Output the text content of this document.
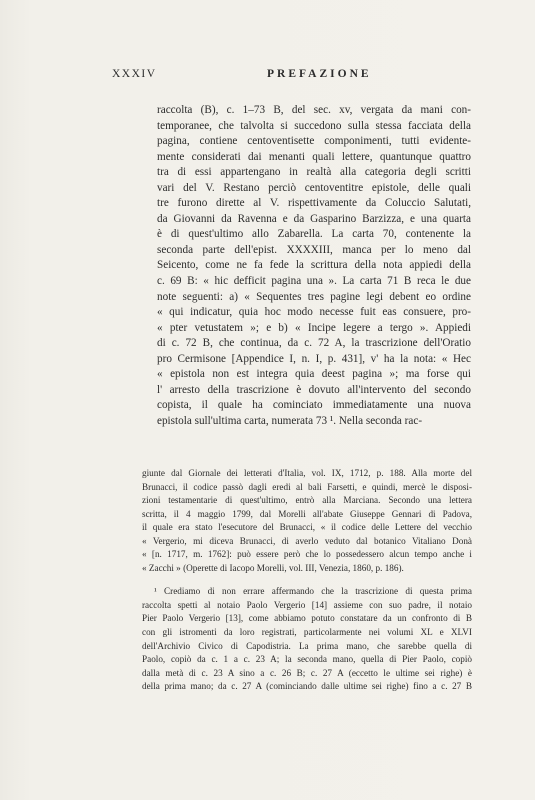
XXXIV	PREFAZIONE
raccolta (B), c. 1–73 B, del sec. xv, vergata da mani con-
temporanee, che talvolta si succedono sulla stessa facciata della
pagina, contiene centoventisette componimenti, tutti evidente-
mente considerati dai menanti quali lettere, quantunque quattro
tra di essi appartengano in realtà alla categoria degli scritti
vari del V. Restano perciò centoventitre epistole, delle quali
tre furono dirette al V. rispettivamente da Coluccio Salutati,
da Giovanni da Ravenna e da Gasparino Barzizza, e una quarta
è di quest'ultimo allo Zabarella. La carta 70, contenente la
seconda parte dell'epist. XXXXIII, manca per lo meno dal
Seicento, come ne fa fede la scrittura della nota appiedi della
c. 69 B: « hic defficit pagina una ». La carta 71 B reca le due
note seguenti: a) « Sequentes tres pagine legi debent eo ordine
« qui indicatur, quia hoc modo necesse fuit eas consuere, pro-
« pter vetustatem »; e b) « Incipe legere a tergo ». Appiedi
di c. 72 B, che continua, da c. 72 A, la trascrizione dell'Oratio
pro Cermisone [Appendice I, n. I, p. 431], v' ha la nota: « Hec
« epistola non est integra quia deest pagina »; ma forse qui
l' arresto della trascrizione è dovuto all'intervento del secondo
copista, il quale ha cominciato immediatamente una nuova
epistola sull'ultima carta, numerata 73 ¹. Nella seconda rac-
giunte dal Giornale dei letterati d'Italia, vol. IX, 1712, p. 188. Alla morte del
Brunacci, il codice passò dagli eredi al bali Farsetti, e quindi, mercè le disposi-
zioni testamentarie di quest'ultimo, entrò alla Marciana. Secondo una lettera
scritta, il 4 maggio 1799, dal Morelli all'abate Giuseppe Gennari di Padova,
il quale era stato l'esecutore del Brunacci, « il codice delle Lettere del vecchio
« Vergerio, mi diceva Brunacci, di averlo veduto dal botanico Vitaliano Donà
« [n. 1717, m. 1762]: può essere però che lo possedessero alcun tempo anche i
« Zacchi » (Operette di Iacopo Morelli, vol. III, Venezia, 1860, p. 186).
¹ Crediamo di non errare affermando che la trascrizione di questa prima
raccolta spetti al notaio Paolo Vergerio [14] assieme con suo padre, il notaio
Pier Paolo Vergerio [13], come abbiamo potuto constatare da un confronto di B
con gli istromenti da loro registrati, particolarmente nei volumi XL e XLVI
dell'Archivio Civico di Capodistria. La prima mano, che sarebbe quella di
Paolo, copiò da c. 1 a c. 23 A; la seconda mano, quella di Pier Paolo, copiò
dalla metà di c. 23 A sino a c. 26 B; c. 27 A (eccetto le ultime sei righe) è
della prima mano; da c. 27 A (cominciando dalle ultime sei righe) fino a c. 27 B
